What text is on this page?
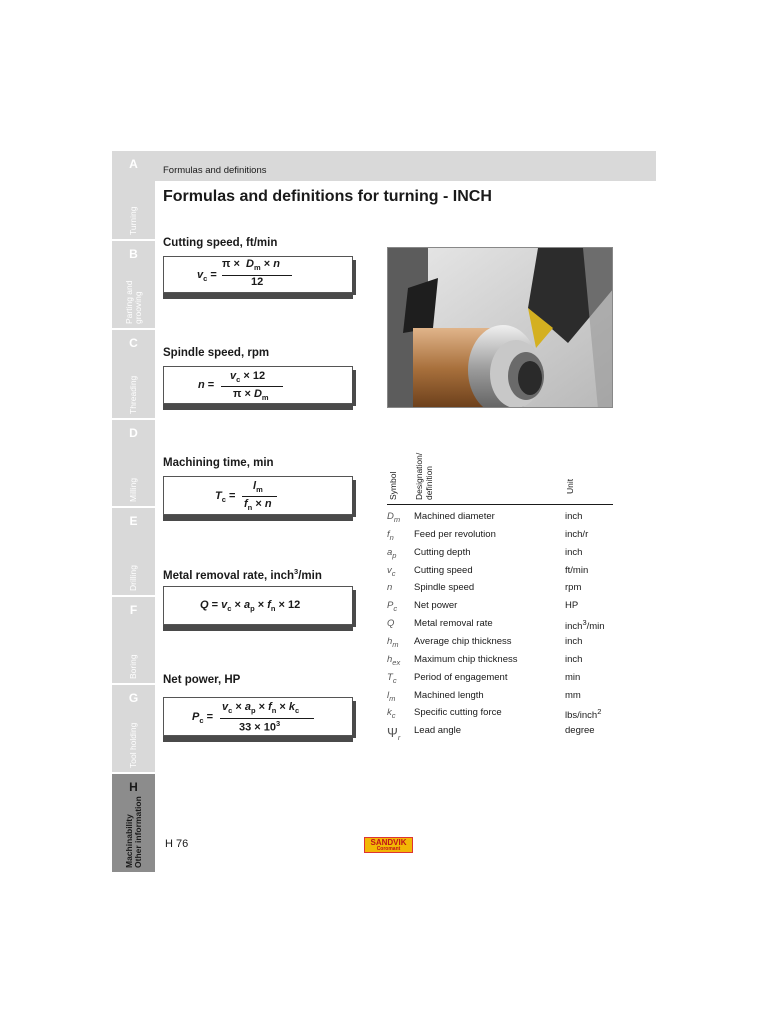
A
Turning
B
Parting and
grooving
C
Threading
D
Milling
E
Drilling
F
Boring
G
Tool holding
H
Machinability
Other information
Formulas and definitions
Formulas and definitions for turning - INCH
Cutting speed, ft/min
$v_c$ =
$\pi \times D_m \times n$
12
Spindle speed, rpm
n =
$v_c \times 12$
$\pi \times D_m$
Machining time, min
$T_c$ =
$l_m$
$f_n \times n$
Metal removal rate, inch$^3$/min
$Q = v_c \times a_p \times f_n \times 12$
Net power, HP
$P_c$ =
$v_c \times a_p \times f_n \times k_c$
$33 \times 10^3$
Symbol Designation/ definition	Unit
$D_m$ Machined diameter	inch
$f_n$ Feed per revolution	inch/r
$a_p$ Cutting depth	inch
$v_c$ Cutting speed	ft/min
n Spindle speed	rpm
$P_c$ Net power	HP
Q Metal removal rate	inch$^3$/min
$h_m$ Average chip thickness	inch
$h_{ex}$ Maximum chip thickness	inch
$T_c$ Period of engagement	min
$l_m$ Machined length	mm
$k_c$ Specific cutting force	lbs/inch$^2$
$\Psi_r$
Lead angle	degree
H 76	SANDVIK
Coromant
